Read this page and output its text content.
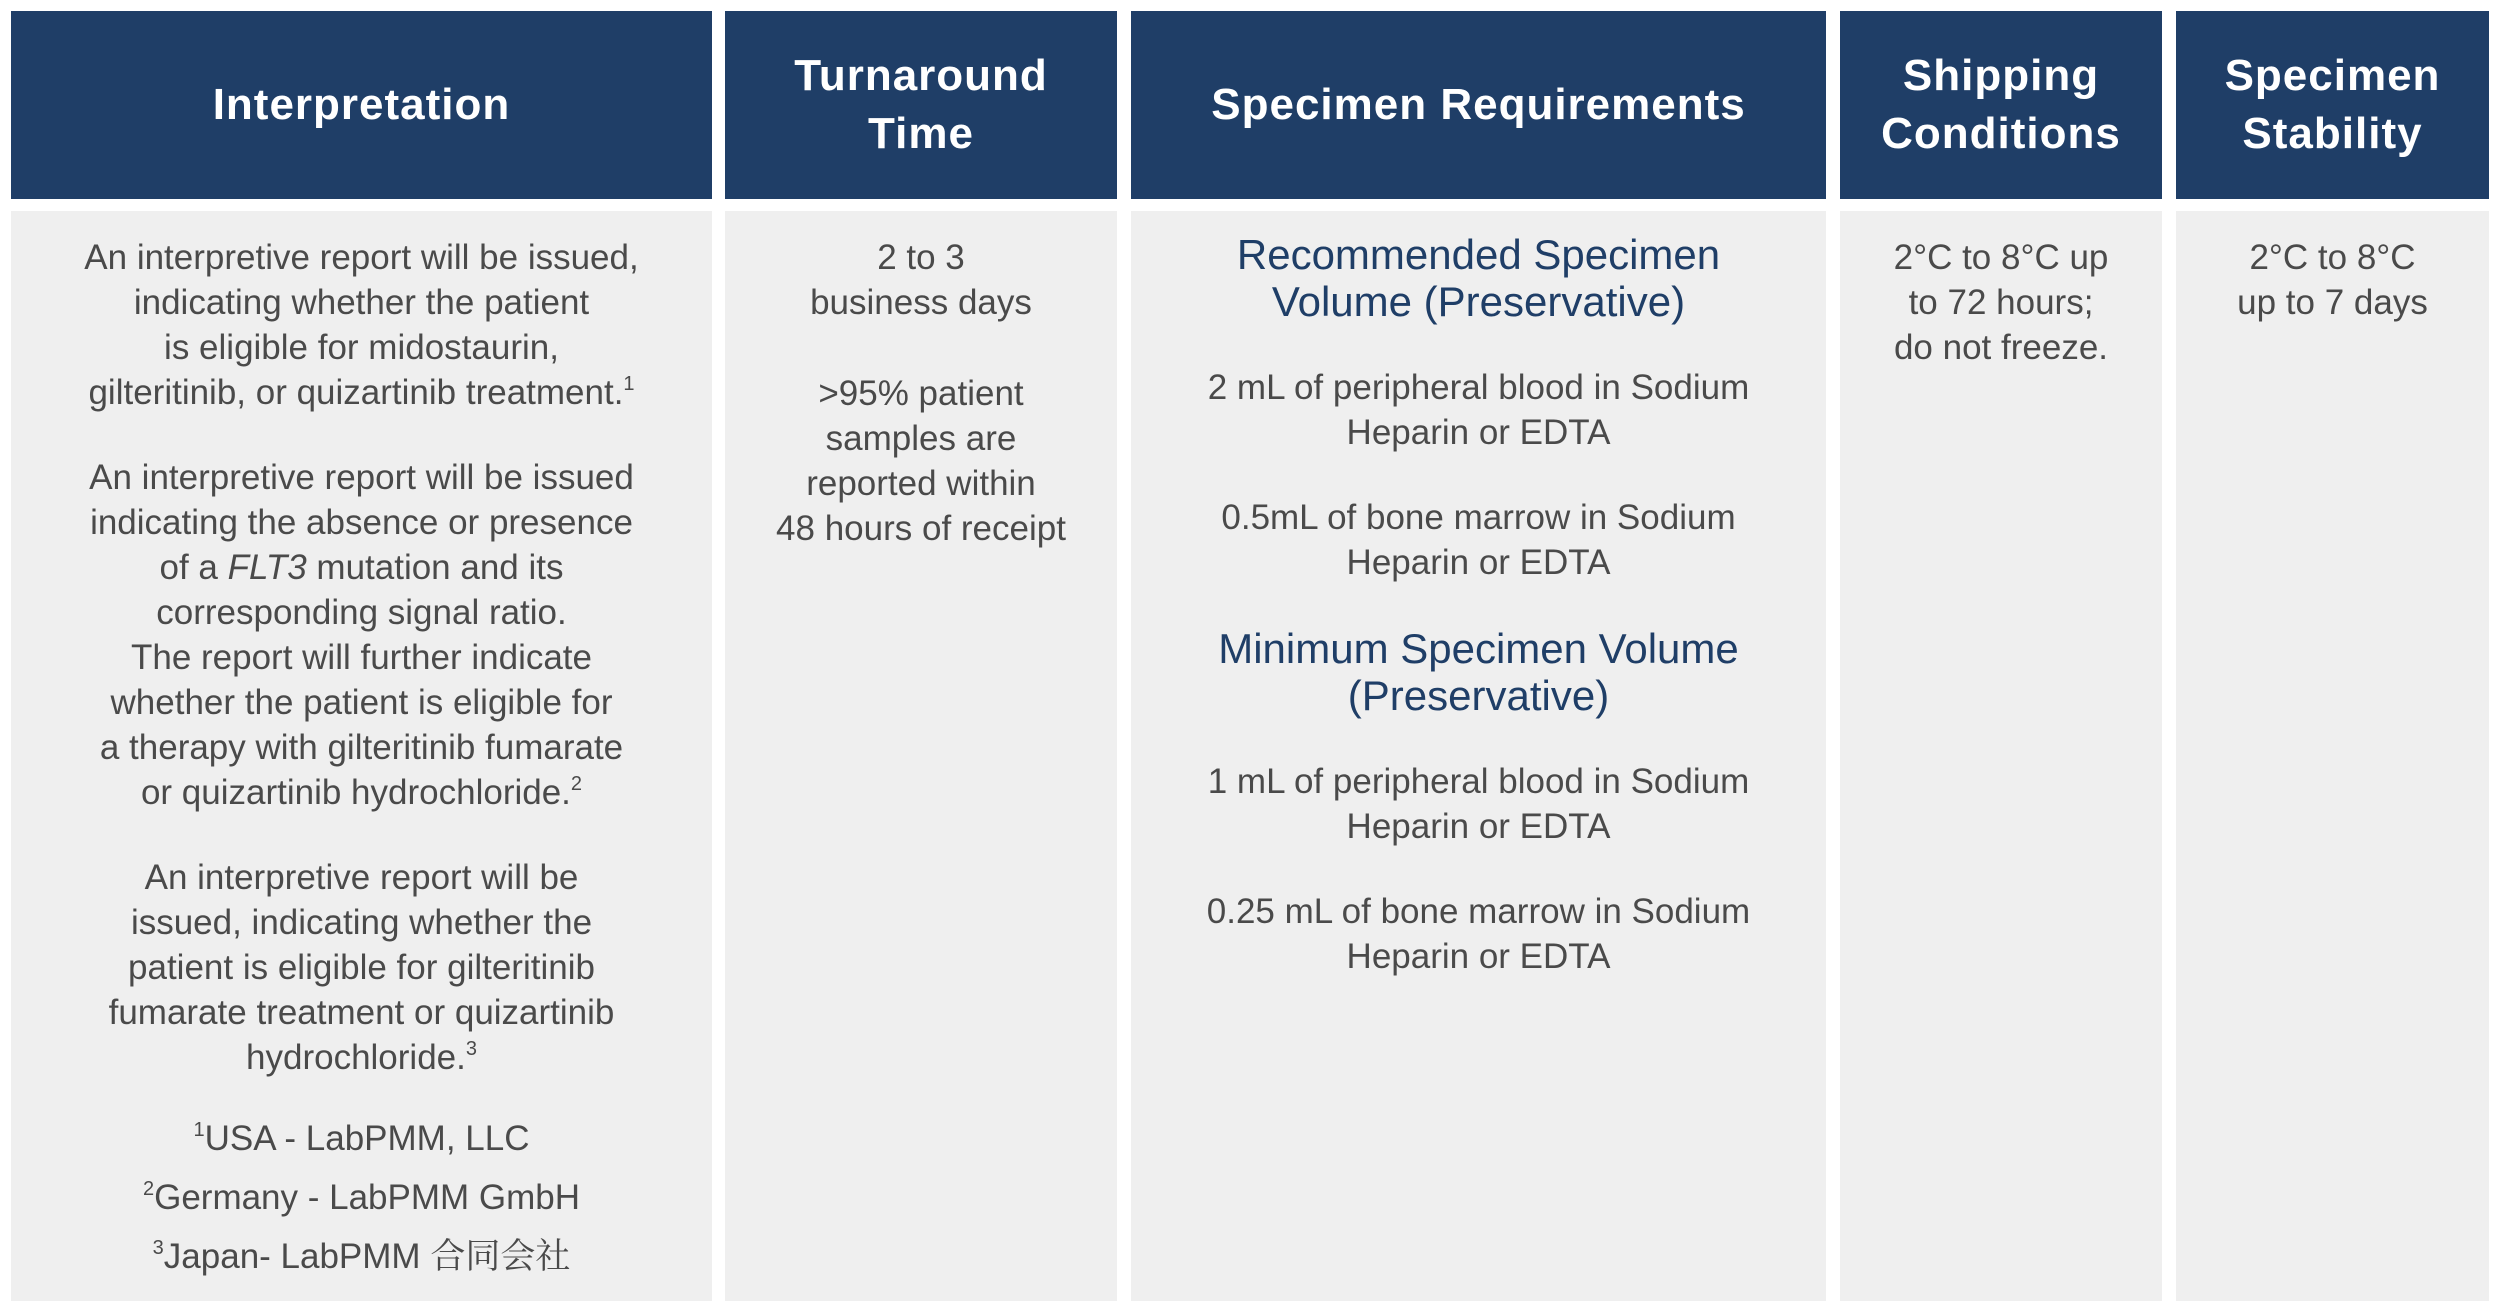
Interpretation
An interpretive report will be issued,
indicating whether the patient
is eligible for midostaurin,
gilteritinib, or quizartinib treatment.$^1$
An interpretive report will be issued
indicating the absence or presence
of a FLT3 mutation and its
corresponding signal ratio.
The report will further indicate
whether the patient is eligible for
a therapy with gilteritinib fumarate
or quizartinib hydrochloride.$^2$
An interpretive report will be
issued, indicating whether the
patient is eligible for gilteritinib
fumarate treatment or quizartinib
hydrochloride.$^3$
$^1$USA - LabPMM, LLC
$^2$Germany - LabPMM GmbH
$^3$Japan- LabPMM 合同会社
Turnaround
Time
2 to 3
business days
>95% patient
samples are
reported within
48 hours of receipt
Specimen Requirements
Recommended Specimen
Volume (Preservative)
2 mL of peripheral blood in Sodium
Heparin or EDTA
0.5mL of bone marrow in Sodium
Heparin or EDTA
Minimum Specimen Volume
(Preservative)
1 mL of peripheral blood in Sodium
Heparin or EDTA
0.25 mL of bone marrow in Sodium
Heparin or EDTA
Shipping
Conditions
2°C to 8°C up
to 72 hours;
do not freeze.
Specimen
Stability
2°C to 8°C
up to 7 days
